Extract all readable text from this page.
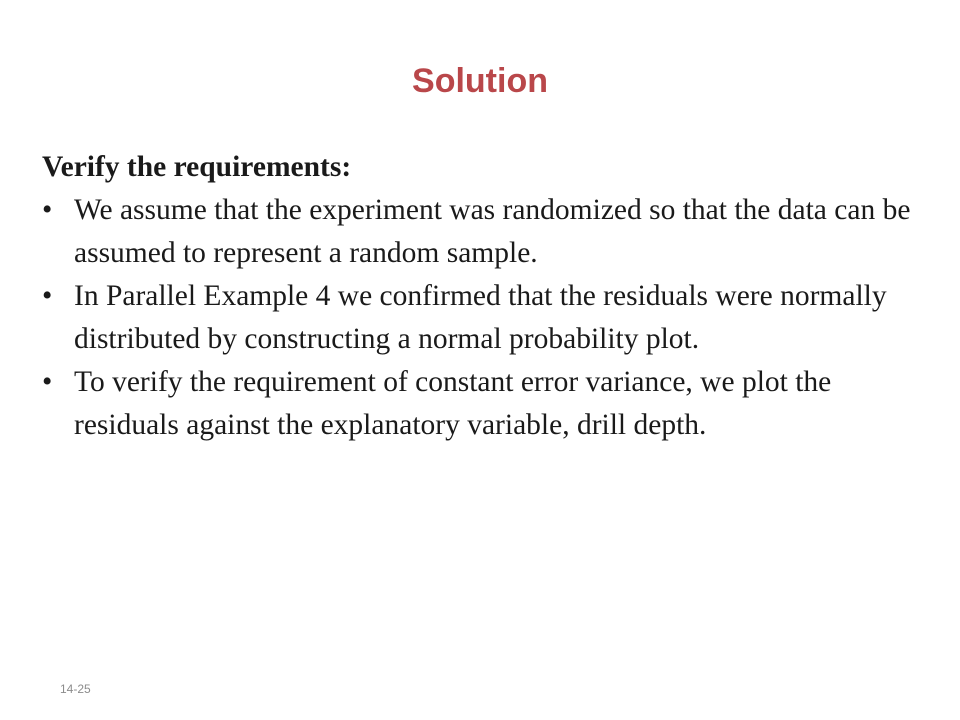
Solution
Verify the requirements:
• We assume that the experiment was randomized so that the data can be assumed to represent a random sample.
• In Parallel Example 4 we confirmed that the residuals were normally distributed by constructing a normal probability plot.
• To verify the requirement of constant error variance, we plot the residuals against the explanatory variable, drill depth.
14-25
